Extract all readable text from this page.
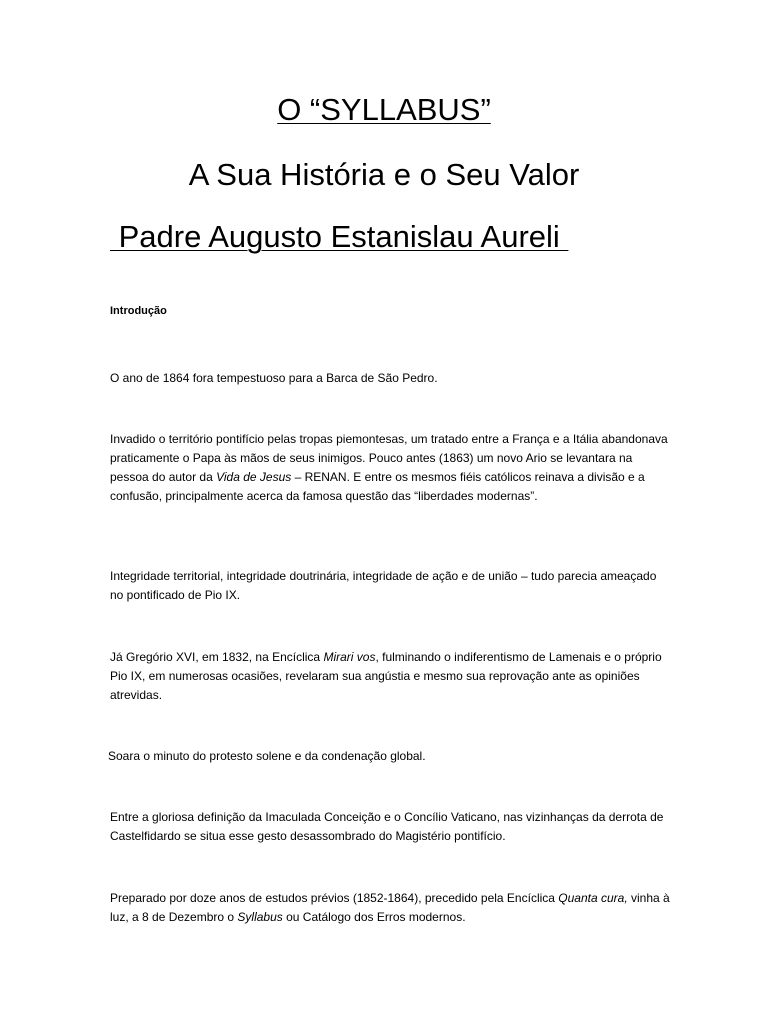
O “SYLLABUS”
A Sua História e o Seu Valor
Padre Augusto Estanislau Aureli
Introdução
O ano de 1864 fora tempestuoso para a Barca de São Pedro.
Invadido o território pontifício pelas tropas piemontesas, um tratado entre a França e a Itália abandonava praticamente o Papa às mãos de seus inimigos. Pouco antes (1863) um novo Ario se levantara na pessoa do autor da Vida de Jesus – RENAN. E entre os mesmos fiéis católicos reinava a divisão e a confusão, principalmente acerca da famosa questão das “liberdades modernas”.
Integridade territorial, integridade doutrinária, integridade de ação e de união – tudo parecia ameaçado no pontificado de Pio IX.
Já Gregório XVI, em 1832, na Encíclica Mirari vos, fulminando o indiferentismo de Lamenais e o próprio Pio IX, em numerosas ocasiões, revelaram sua angústia e mesmo sua reprovação ante as opiniões atrevidas.
Soara o minuto do protesto solene e da condenação global.
Entre a gloriosa definição da Imaculada Conceição e o Concílio Vaticano, nas vizinhanças da derrota de Castelfidardo se situa esse gesto desassombrado do Magistério pontifício.
Preparado por doze anos de estudos prévios (1852-1864), precedido pela Encíclica Quanta cura, vinha à luz, a 8 de Dezembro o Syllabus ou Catálogo dos Erros modernos.
